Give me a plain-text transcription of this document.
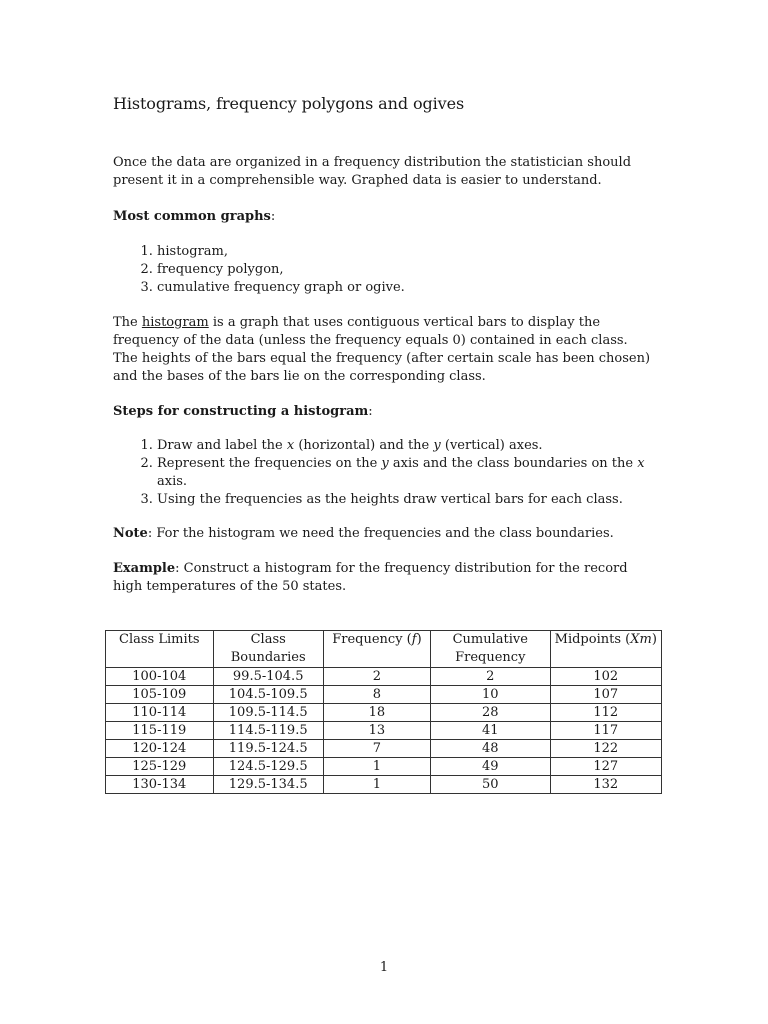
Histograms, frequency polygons and ogives

Once the data are organized in a frequency distribution the statistician should present it in a comprehensible way. Graphed data is easier to understand.

Most common graphs:

1. histogram,
2. frequency polygon,
3. cumulative frequency graph or ogive.

The histogram is a graph that uses contiguous vertical bars to display the frequency of the data (unless the frequency equals 0) contained in each class. The heights of the bars equal the frequency (after certain scale has been chosen) and the bases of the bars lie on the corresponding class.

Steps for constructing a histogram:

1. Draw and label the x (horizontal) and the y (vertical) axes.
2. Represent the frequencies on the y axis and the class boundaries on the x axis.
3. Using the frequencies as the heights draw vertical bars for each class.

Note: For the histogram we need the frequencies and the class boundaries.

Example: Construct a histogram for the frequency distribution for the record high temperatures of the 50 states.

Class Limits	Class Boundaries	Frequency (f)	Cumulative Frequency	Midpoints (Xm)
100-104	99.5-104.5	2	2	102
105-109	104.5-109.5	8	10	107
110-114	109.5-114.5	18	28	112
115-119	114.5-119.5	13	41	117
120-124	119.5-124.5	7	48	122
125-129	124.5-129.5	1	49	127
130-134	129.5-134.5	1	50	132
1
